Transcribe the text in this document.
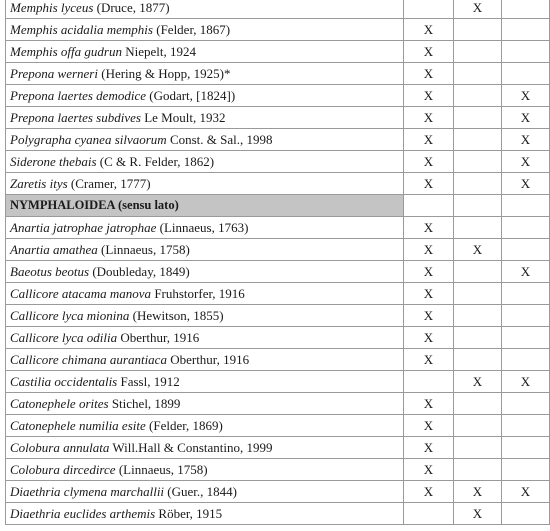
Memphis lyceus (Druce, 1877)		X	
Memphis acidalia memphis (Felder, 1867)	X		
Memphis offa gudrun Niepelt, 1924	X		
Prepona werneri (Hering & Hopp, 1925)*	X		
Prepona laertes demodice (Godart, [1824])	X		X
Prepona laertes subdives Le Moult, 1932	X		X
Polygrapha cyanea silvaorum Const. & Sal., 1998	X		X
Siderone thebais (C & R. Felder, 1862)	X		X
Zaretis itys (Cramer, 1777)	X		X
NYMPHALOIDEA (sensu lato)			
Anartia jatrophae jatrophae (Linnaeus, 1763)	X		
Anartia amathea (Linnaeus, 1758)	X	X	
Baeotus beotus (Doubleday, 1849)	X		X
Callicore atacama manova Fruhstorfer, 1916	X		
Callicore lyca mionina (Hewitson, 1855)	X		
Callicore lyca odilia Oberthur, 1916	X		
Callicore chimana aurantiaca Oberthur, 1916	X		
Castilia occidentalis Fassl, 1912		X	X
Catonephele orites Stichel, 1899	X		
Catonephele numilia esite (Felder, 1869)	X		
Colobura annulata Will.Hall & Constantino, 1999	X		
Colobura dircedirce (Linnaeus, 1758)	X		
Diaethria clymena marchallii (Guer., 1844)	X	X	X
Diaethria euclides arthemis Röber, 1915		X	
